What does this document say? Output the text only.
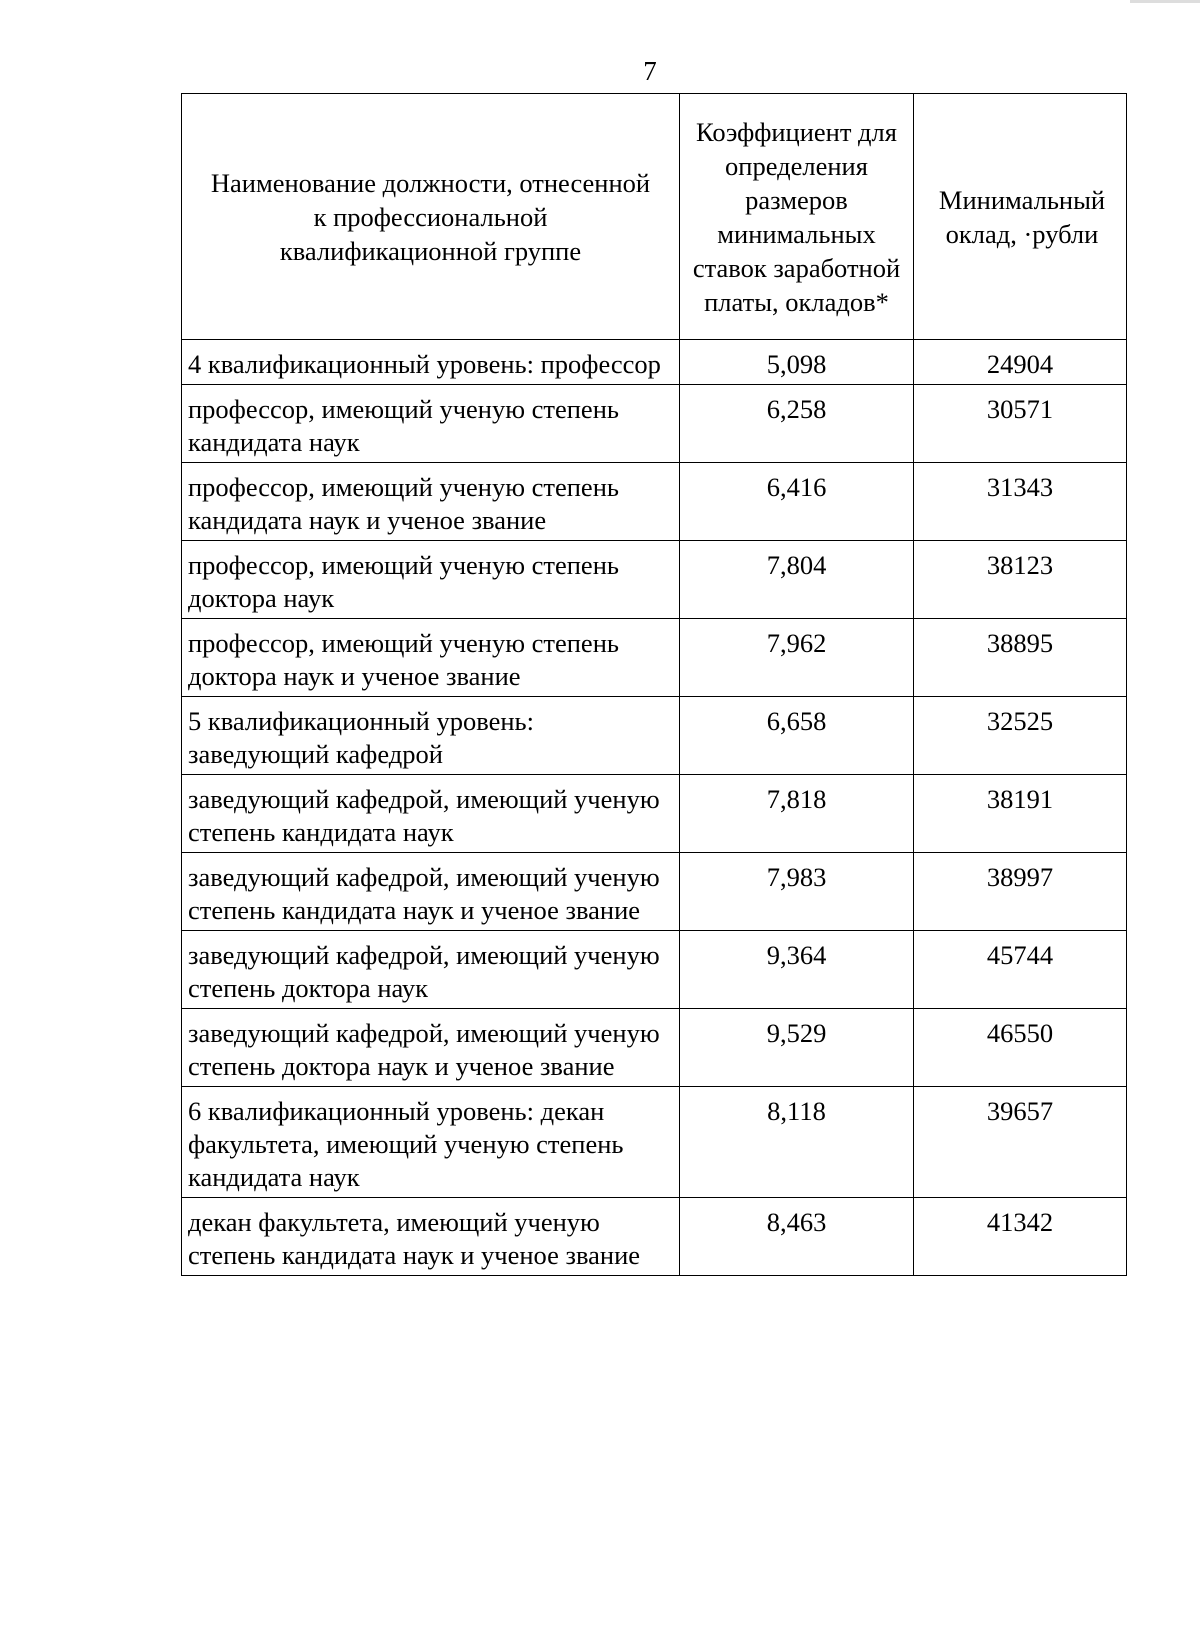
7
Наименование должности, отнесенной к профессиональной квалификационной группе	Коэффициент для определения размеров минимальных ставок заработной платы, окладов*	Минимальный оклад, ·рубли
4 квалификационный уровень: профессор	5,098	24904
профессор, имеющий ученую степень кандидата наук	6,258	30571
профессор, имеющий ученую степень кандидата наук и ученое звание	6,416	31343
профессор, имеющий ученую степень доктора наук	7,804	38123
профессор, имеющий ученую степень доктора наук и ученое звание	7,962	38895
5 квалификационный уровень: заведующий кафедрой	6,658	32525
заведующий кафедрой, имеющий ученую степень кандидата наук	7,818	38191
заведующий кафедрой, имеющий ученую степень кандидата наук и ученое звание	7,983	38997
заведующий кафедрой, имеющий ученую степень доктора наук	9,364	45744
заведующий кафедрой, имеющий ученую степень доктора наук и ученое звание	9,529	46550
6 квалификационный уровень: декан факультета, имеющий ученую степень кандидата наук	8,118	39657
декан факультета, имеющий ученую степень кандидата наук и ученое звание	8,463	41342
